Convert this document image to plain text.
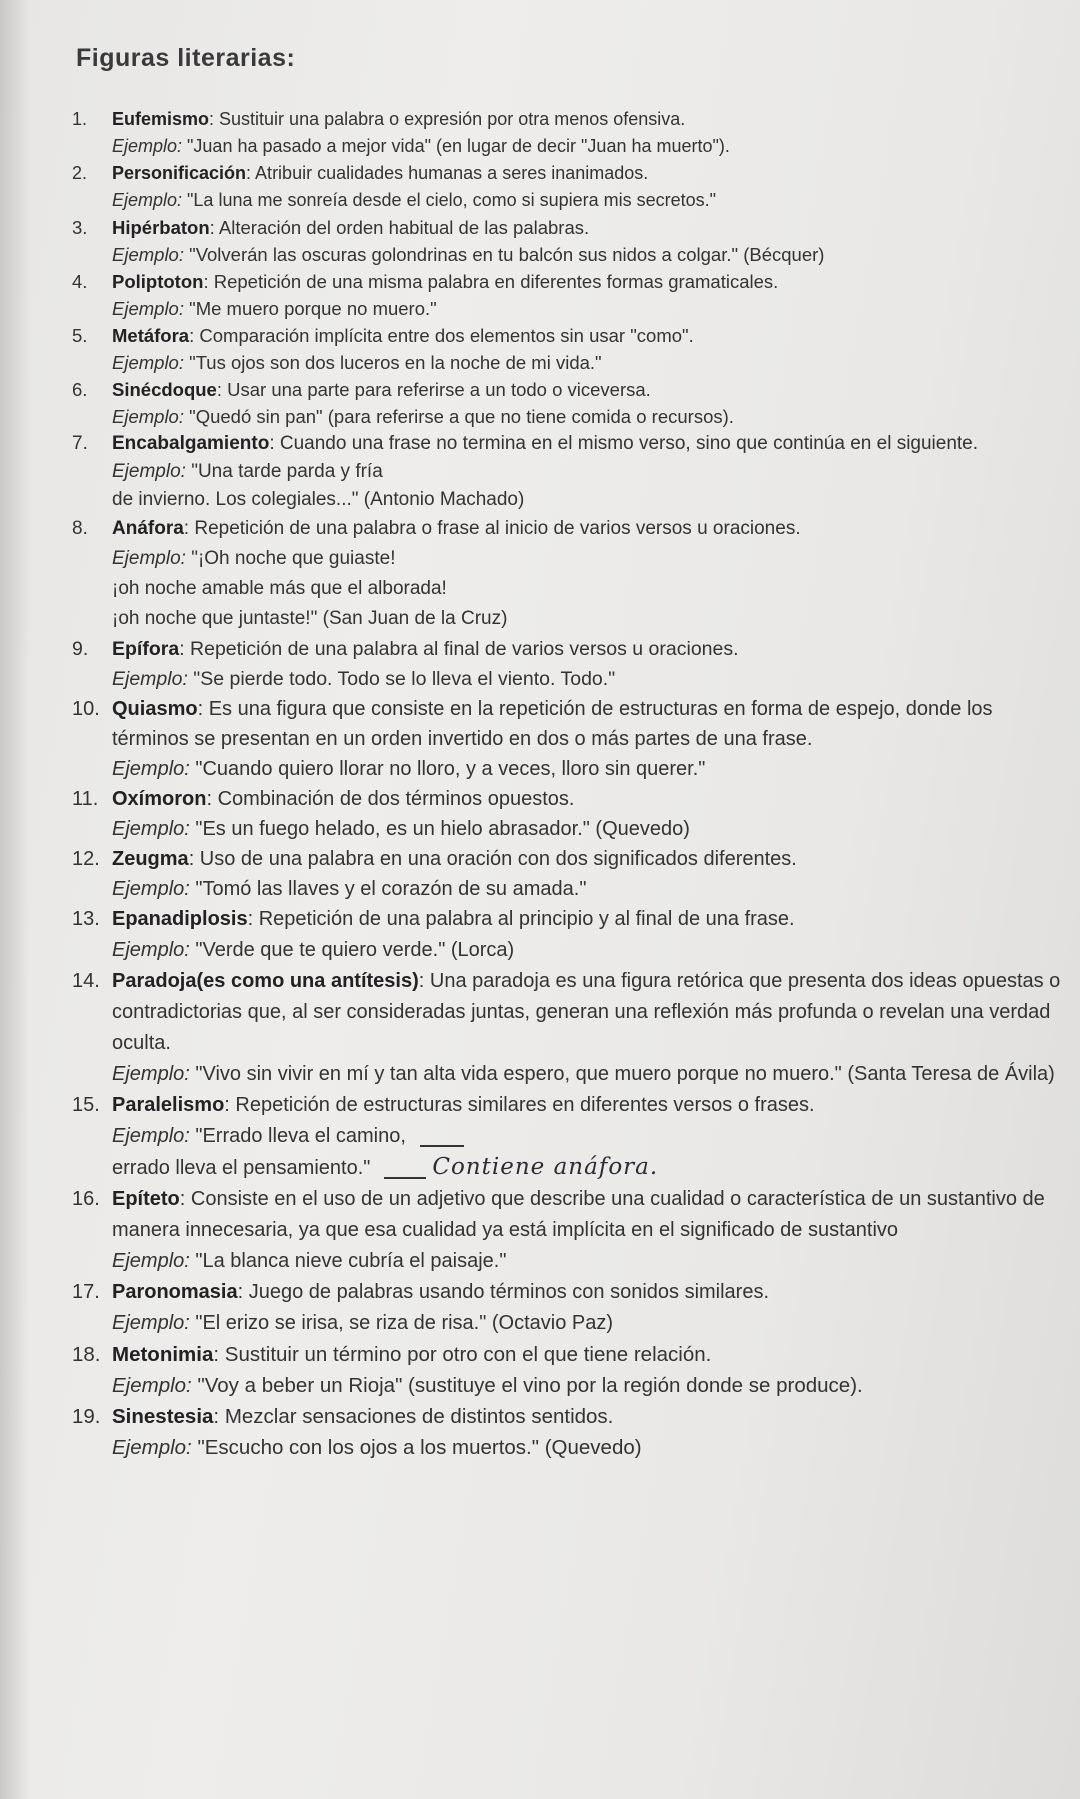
Figuras literarias:
1.	Eufemismo: Sustituir una palabra o expresión por otra menos ofensiva.
Ejemplo: "Juan ha pasado a mejor vida" (en lugar de decir "Juan ha muerto").
2.	Personificación: Atribuir cualidades humanas a seres inanimados.
Ejemplo: "La luna me sonreía desde el cielo, como si supiera mis secretos."
3.	Hipérbaton: Alteración del orden habitual de las palabras.
Ejemplo: "Volverán las oscuras golondrinas en tu balcón sus nidos a colgar." (Bécquer)
4.	Poliptoton: Repetición de una misma palabra en diferentes formas gramaticales.
Ejemplo: "Me muero porque no muero."
5.	Metáfora: Comparación implícita entre dos elementos sin usar "como".
Ejemplo: "Tus ojos son dos luceros en la noche de mi vida."
6.	Sinécdoque: Usar una parte para referirse a un todo o viceversa.
Ejemplo: "Quedó sin pan" (para referirse a que no tiene comida o recursos).
7.	Encabalgamiento: Cuando una frase no termina en el mismo verso, sino que continúa en el siguiente.
Ejemplo: "Una tarde parda y fría
de invierno. Los colegiales..." (Antonio Machado)
8.	Anáfora: Repetición de una palabra o frase al inicio de varios versos u oraciones.
Ejemplo: "¡Oh noche que guiaste!
¡oh noche amable más que el alborada!
¡oh noche que juntaste!" (San Juan de la Cruz)
9.	Epífora: Repetición de una palabra al final de varios versos u oraciones.
Ejemplo: "Se pierde todo. Todo se lo lleva el viento. Todo."
10. Quiasmo: Es una figura que consiste en la repetición de estructuras en forma de espejo, donde los términos se presentan en un orden invertido en dos o más partes de una frase.
Ejemplo: "Cuando quiero llorar no lloro, y a veces, lloro sin querer."
11. Oxímoron: Combinación de dos términos opuestos.
Ejemplo: "Es un fuego helado, es un hielo abrasador." (Quevedo)
12. Zeugma: Uso de una palabra en una oración con dos significados diferentes.
Ejemplo: "Tomó las llaves y el corazón de su amada."
13. Epanadiplosis: Repetición de una palabra al principio y al final de una frase.
Ejemplo: "Verde que te quiero verde." (Lorca)
14. Paradoja(es como una antítesis): Una paradoja es una figura retórica que presenta dos ideas opuestas o contradictorias que, al ser consideradas juntas, generan una reflexión más profunda o revelan una verdad oculta.
Ejemplo: "Vivo sin vivir en mí y tan alta vida espero, que muero porque no muero." (Santa Teresa de Ávila)
15. Paralelismo: Repetición de estructuras similares en diferentes versos o frases.
Ejemplo: "Errado lleva el camino,
errado lleva el pensamiento."	Contiene anáfora.
16. Epíteto: Consiste en el uso de un adjetivo que describe una cualidad o característica de un sustantivo de manera innecesaria, ya que esa cualidad ya está implícita en el significado de sustantivo
Ejemplo: "La blanca nieve cubría el paisaje."
17. Paronomasia: Juego de palabras usando términos con sonidos similares.
Ejemplo: "El erizo se irisa, se riza de risa." (Octavio Paz)
18. Metonimia: Sustituir un término por otro con el que tiene relación.
Ejemplo: "Voy a beber un Rioja" (sustituye el vino por la región donde se produce).
19. Sinestesia: Mezclar sensaciones de distintos sentidos.
Ejemplo: "Escucho con los ojos a los muertos." (Quevedo)
